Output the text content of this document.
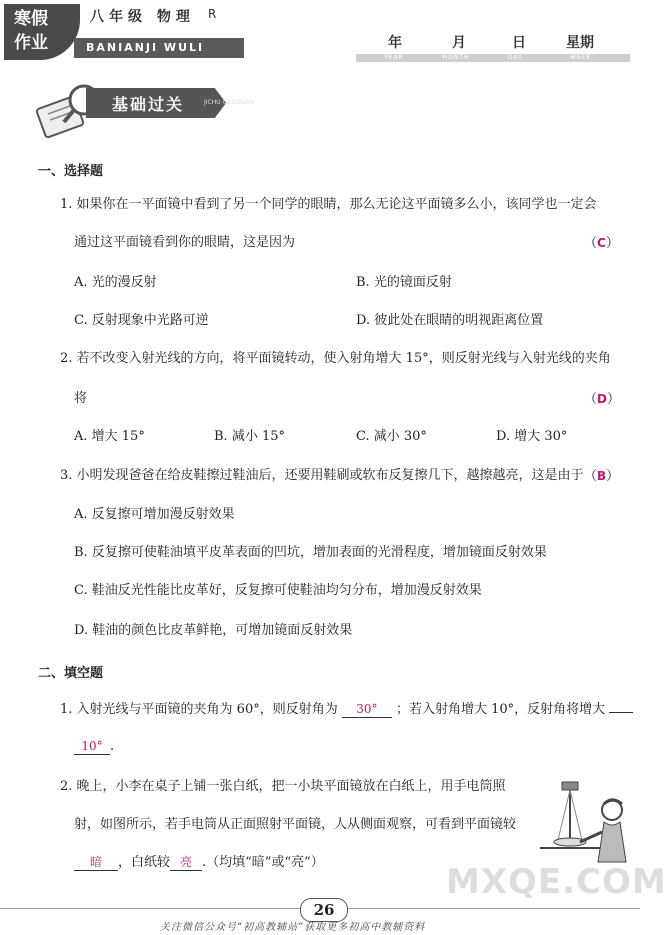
寒假
作业
八年级 物理 R
BANIANJI WULI	年	月	日	星期
YEAR	MONTH	DAY	WEEK
基础过关	JICHU GUOGUAN
一、选择题
1. 如果你在一平面镜中看到了另一个同学的眼睛，那么无论这平面镜多么小，该同学也一定会
通过这平面镜看到你的眼睛，这是因为	（C）
A. 光的漫反射	B. 光的镜面反射
C. 反射现象中光路可逆	D. 彼此处在眼睛的明视距离位置
2. 若不改变入射光线的方向，将平面镜转动，使入射角增大 15°，则反射光线与入射光线的夹角
将	（D）
A. 增大 15°	B. 减小 15°	C. 减小 30°	D. 增大 30°
3. 小明发现爸爸在给皮鞋擦过鞋油后，还要用鞋刷或软布反复擦几下，越擦越亮，这是由于 （B）
A. 反复擦可增加漫反射效果
B. 反复擦可使鞋油填平皮革表面的凹坑，增加表面的光滑程度，增加镜面反射效果
C. 鞋油反光性能比皮革好，反复擦可使鞋油均匀分布，增加漫反射效果
D. 鞋油的颜色比皮革鲜艳，可增加镜面反射效果
二、填空题
1. 入射光线与平面镜的夹角为 60°，则反射角为 30° ；若入射角增大 10°，反射角将增大
10° .
2. 晚上，小李在桌子上铺一张白纸，把一小块平面镜放在白纸上，用手电筒照
射，如图所示，若手电筒从正面照射平面镜，人从侧面观察，可看到平面镜较
暗 ，白纸较 亮 .（均填“暗”或“亮”）
26
关注微信公众号“初高教辅站”获取更多初高中教辅资料
MXQE.COM
